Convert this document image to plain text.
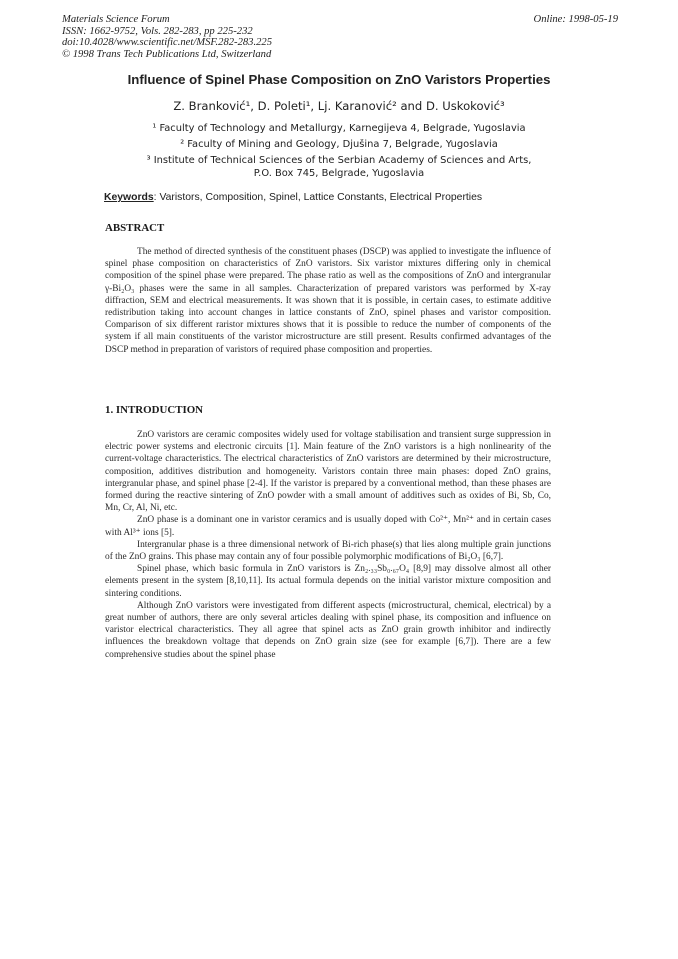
Materials Science Forum
ISSN: 1662-9752, Vols. 282-283, pp 225-232
doi:10.4028/www.scientific.net/MSF.282-283.225
© 1998 Trans Tech Publications Ltd, Switzerland
Online: 1998-05-19
Influence of Spinel Phase Composition on ZnO Varistors Properties
Z. Branković¹, D. Poleti¹, Lj. Karanović² and D. Uskoković³
¹ Faculty of Technology and Metallurgy, Karnegijeva 4, Belgrade, Yugoslavia
² Faculty of Mining and Geology, Djušina 7, Belgrade, Yugoslavia
³ Institute of Technical Sciences of the Serbian Academy of Sciences and Arts,
P.O. Box 745, Belgrade, Yugoslavia
Keywords: Varistors, Composition, Spinel, Lattice Constants, Electrical Properties
ABSTRACT

The method of directed synthesis of the constituent phases (DSCP) was applied to investigate the influence of spinel phase composition on characteristics of ZnO varistors. Six varistor mixtures differing only in chemical composition of the spinel phase were prepared. The phase ratio as well as the compositions of ZnO and intergranular γ-Bi₂O₃ phases were the same in all samples. Characterization of prepared varistors was performed by X-ray diffraction, SEM and electrical measurements. It was shown that it is possible, in certain cases, to estimate additive redistribution taking into account changes in lattice constants of ZnO, spinel phases and varistor composition. Comparison of six different raristor mixtures shows that it is possible to reduce the number of components of the system if all main constituents of the varistor microstructure are still present. Results confirmed advantages of the DSCP method in preparation of varistors of required phase composition and properties.

1. INTRODUCTION

ZnO varistors are ceramic composites widely used for voltage stabilisation and transient surge suppression in electric power systems and electronic circuits [1]. Main feature of the ZnO varistors is a high nonlinearity of the current-voltage characteristics. The electrical characteristics of ZnO varistors are determined by their microstructure, composition, additives distribution and homogeneity. Varistors contain three main phases: doped ZnO grains, intergranular phase, and spinel phase [2-4]. If the varistor is prepared by a conventional method, than these phases are formed during the reactive sintering of ZnO powder with a small amount of additives such as oxides of Bi, Sb, Co, Mn, Cr, Al, Ni, etc.

ZnO phase is a dominant one in varistor ceramics and is usually doped with Co²⁺, Mn²⁺ and in certain cases with Al³⁺ ions [5].

Intergranular phase is a three dimensional network of Bi-rich phase(s) that lies along multiple grain junctions of the ZnO grains. This phase may contain any of four possible polymorphic modifications of Bi₂O₃ [6,7].

Spinel phase, which basic formula in ZnO varistors is Zn₂.₃₃Sb₀.₆₇O₄ [8,9] may dissolve almost all other elements present in the system [8,10,11]. Its actual formula depends on the initial varistor mixture composition and sintering conditions.

Although ZnO varistors were investigated from different aspects (microstructural, chemical, electrical) by a great number of authors, there are only several articles dealing with spinel phase, its composition and influence on varistor electrical characteristics. They all agree that spinel acts as ZnO grain growth inhibitor and indirectly influences the breakdown voltage that depends on ZnO grain size (see for example [6,7]). There are a few comprehensive studies about the spinel phase
